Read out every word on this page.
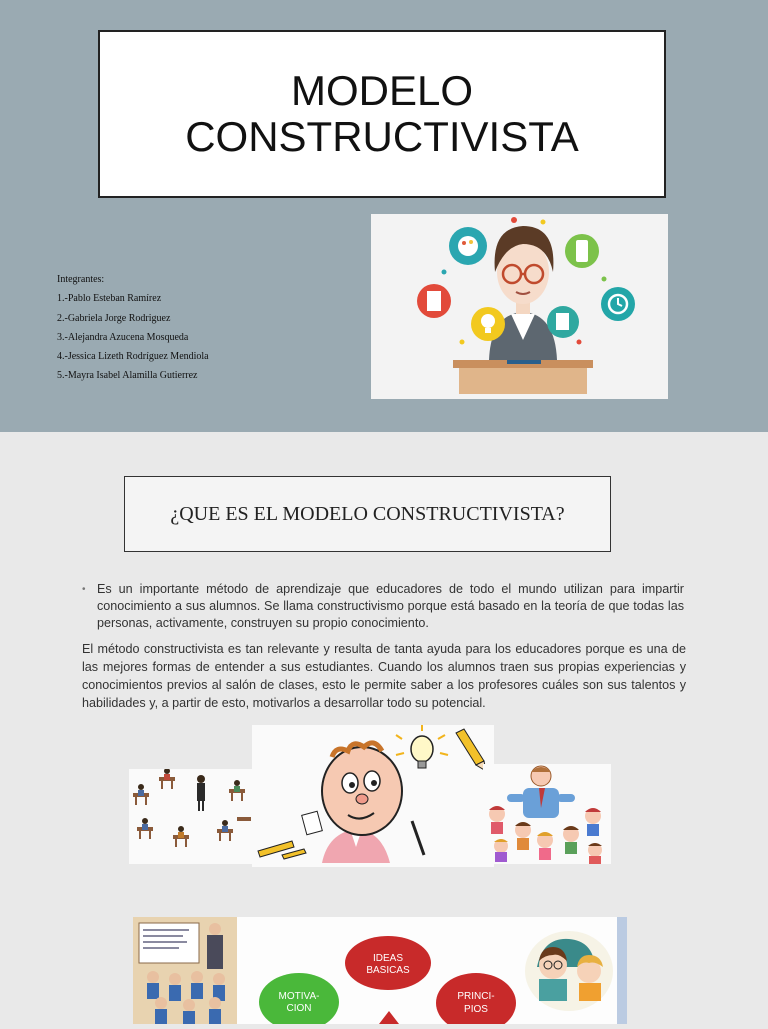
MODELO
CONSTRUCTIVISTA
Integrantes:
1.-Pablo Esteban Ramírez
2.-Gabriela Jorge Rodriguez
3.-Alejandra Azucena Mosqueda
4.-Jessica Lizeth Rodríguez Mendiola
5.-Mayra Isabel Alamilla Gutierrez
¿QUE ES EL MODELO CONSTRUCTIVISTA?
• Es un importante método de aprendizaje que educadores de todo el mundo utilizan para impartir conocimiento a sus alumnos. Se llama constructivismo porque está basado en la teoría de que todas las personas, activamente, construyen su propio conocimiento.
El método constructivista es tan relevante y resulta de tanta ayuda para los educadores porque es una de las mejores formas de entender a sus estudiantes. Cuando los alumnos traen sus propias experiencias y conocimientos previos al salón de clases, esto le permite saber a los profesores cuáles son sus talentos y habilidades y, a partir de esto, motivarlos a desarrollar todo su potencial.
IDEAS
BASICAS
MOTIVA-
CION
PRINCI-
PIOS
